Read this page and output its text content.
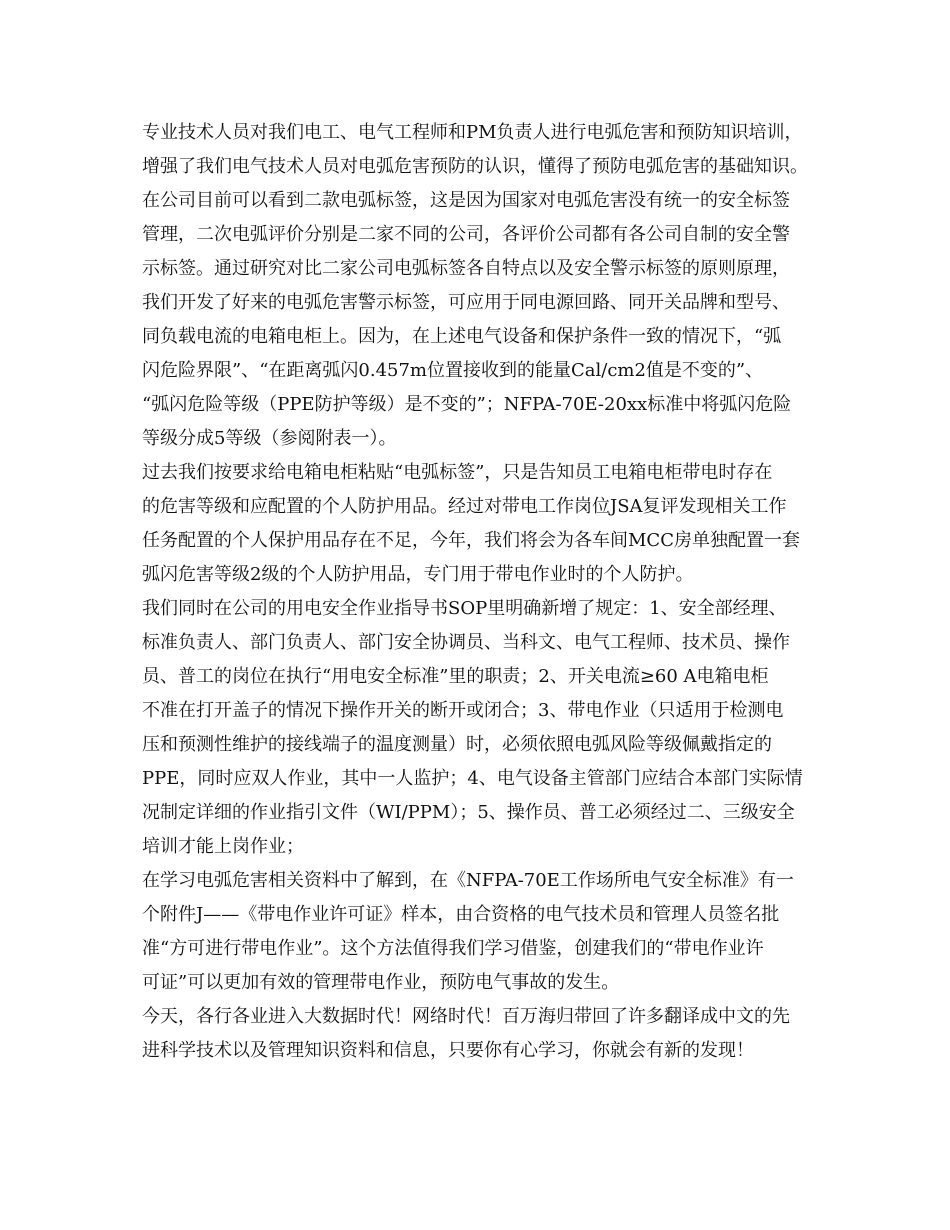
专业技术人员对我们电工、电气工程师和PM负责人进行电弧危害和预防知识培训，
增强了我们电气技术人员对电弧危害预防的认识，懂得了预防电弧危害的基础知识。
在公司目前可以看到二款电弧标签，这是因为国家对电弧危害没有统一的安全标签
管理，二次电弧评价分别是二家不同的公司，各评价公司都有各公司自制的安全警
示标签。通过研究对比二家公司电弧标签各自特点以及安全警示标签的原则原理，
我们开发了好来的电弧危害警示标签，可应用于同电源回路、同开关品牌和型号、
同负载电流的电箱电柜上。因为，在上述电气设备和保护条件一致的情况下，“弧
闪危险界限”、“在距离弧闪0.457m位置接收到的能量Cal/cm2值是不变的”、
“弧闪危险等级（PPE防护等级）是不变的”；NFPA-70E-20xx标准中将弧闪危险
等级分成5等级（参阅附表一）。
过去我们按要求给电箱电柜粘贴“电弧标签”，只是告知员工电箱电柜带电时存在
的危害等级和应配置的个人防护用品。经过对带电工作岗位JSA复评发现相关工作
任务配置的个人保护用品存在不足，今年，我们将会为各车间MCC房单独配置一套
弧闪危害等级2级的个人防护用品，专门用于带电作业时的个人防护。
我们同时在公司的用电安全作业指导书SOP里明确新增了规定：1、安全部经理、
标准负责人、部门负责人、部门安全协调员、当科文、电气工程师、技术员、操作
员、普工的岗位在执行“用电安全标准”里的职责；2、开关电流≥60 A电箱电柜
不准在打开盖子的情况下操作开关的断开或闭合；3、带电作业（只适用于检测电
压和预测性维护的接线端子的温度测量）时，必须依照电弧风险等级佩戴指定的
PPE，同时应双人作业，其中一人监护；4、电气设备主管部门应结合本部门实际情
况制定详细的作业指引文件（WI/PPM）；5、操作员、普工必须经过二、三级安全
培训才能上岗作业；
在学习电弧危害相关资料中了解到，在《NFPA-70E工作场所电气安全标准》有一
个附件J——《带电作业许可证》样本，由合资格的电气技术员和管理人员签名批
准“方可进行带电作业”。这个方法值得我们学习借鉴，创建我们的“带电作业许
可证”可以更加有效的管理带电作业，预防电气事故的发生。
今天，各行各业进入大数据时代！网络时代！百万海归带回了许多翻译成中文的先
进科学技术以及管理知识资料和信息，只要你有心学习，你就会有新的发现！
